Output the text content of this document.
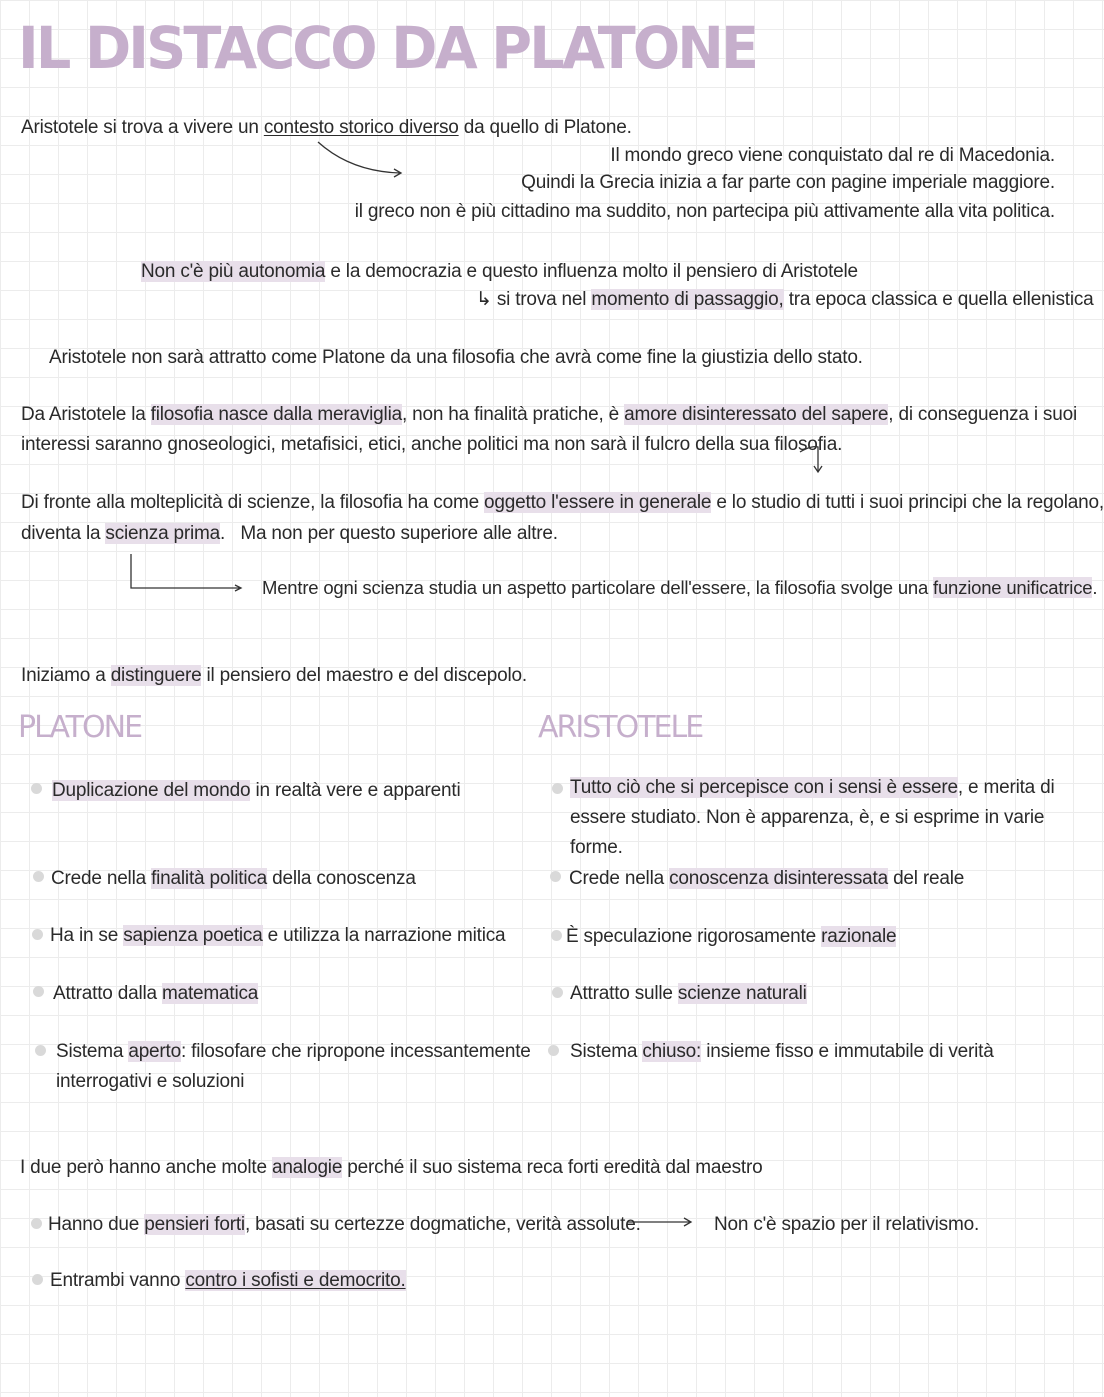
IL DISTACCO DA PLATONE
Aristotele si trova a vivere un contesto storico diverso da quello di Platone.
Il mondo greco viene conquistato dal re di Macedonia.
Quindi la Grecia inizia a far parte con pagine imperiale maggiore.
il greco non è più cittadino ma suddito, non partecipa più attivamente alla vita politica.
Non c'è più autonomia e la democrazia e questo influenza molto il pensiero di Aristotele
↳ si trova nel momento di passaggio, tra epoca classica e quella ellenistica
Aristotele non sarà attratto come Platone da una filosofia che avrà come fine la giustizia dello stato.
Da Aristotele la filosofia nasce dalla meraviglia, non ha finalità pratiche, è amore disinteressato del sapere, di conseguenza i suoi
interessi saranno gnoseologici, metafisici, etici, anche politici ma non sarà il fulcro della sua filosofia.
Di fronte alla molteplicità di scienze, la filosofia ha come oggetto l'essere in generale e lo studio di tutti i suoi principi che la regolano,
diventa la scienza prima.   Ma non per questo superiore alle altre.
Mentre ogni scienza studia un aspetto particolare dell'essere, la filosofia svolge una funzione unificatrice.
Iniziamo a distinguere il pensiero del maestro e del discepolo.
PLATONE	ARISTOTELE
Duplicazione del mondo in realtà vere e apparenti
Crede nella finalità politica della conoscenza
Ha in se sapienza poetica e utilizza la narrazione mitica
Attratto dalla matematica
Sistema aperto: filosofare che ripropone incessantemente interrogativi e soluzioni
Tutto ciò che si percepisce con i sensi è essere, e merita di essere studiato. Non è apparenza, è, e si esprime in varie forme.
Crede nella conoscenza disinteressata del reale
È speculazione rigorosamente razionale
Attratto sulle scienze naturali
Sistema chiuso: insieme fisso e immutabile di verità
I due però hanno anche molte analogie perché il suo sistema reca forti eredità dal maestro
Hanno due pensieri forti, basati su certezze dogmatiche, verità assolute.	Non c'è spazio per il relativismo.
Entrambi vanno contro i sofisti e democrito.
